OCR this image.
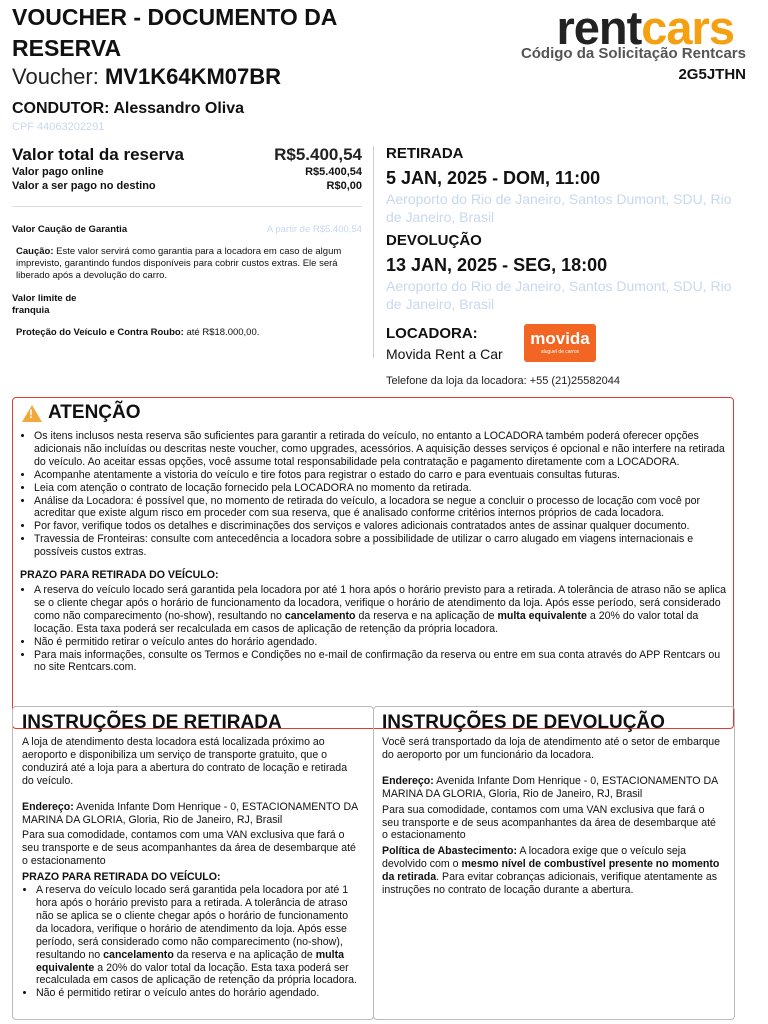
VOUCHER - DOCUMENTO DA RESERVA
Voucher: MV1K64KM07BR
rentcars
Código da Solicitação Rentcars
2G5JTHN
CONDUTOR: Alessandro Oliva
CPF 44063202291
Valor total da reserva	R$5.400,54
Valor pago online	R$5.400,54
Valor a ser pago no destino	R$0,00
Valor Caução de Garantia	A partir de R$5.400,54
Caução: Este valor servirá como garantia para a locadora em caso de algum imprevisto, garantindo fundos disponíveis para cobrir custos extras. Ele será liberado após a devolução do carro.
Valor limite de franquia
Proteção do Veículo e Contra Roubo: até R$18.000,00.
RETIRADA
5 JAN, 2025 - DOM, 11:00
Aeroporto do Rio de Janeiro, Santos Dumont, SDU, Rio de Janeiro, Brasil
DEVOLUÇÃO
13 JAN, 2025 - SEG, 18:00
Aeroporto do Rio de Janeiro, Santos Dumont, SDU, Rio de Janeiro, Brasil
LOCADORA:
Movida Rent a Car
movida
aluguel de carros
Telefone da loja da locadora: +55 (21)25582044
! ATENÇÃO
• Os itens inclusos nesta reserva são suficientes para garantir a retirada do veículo, no entanto a LOCADORA também poderá oferecer opções adicionais não incluídas ou descritas neste voucher, como upgrades, acessórios. A aquisição desses serviços é opcional e não interfere na retirada do veículo. Ao aceitar essas opções, você assume total responsabilidade pela contratação e pagamento diretamente com a LOCADORA.
• Acompanhe atentamente a vistoria do veículo e tire fotos para registrar o estado do carro e para eventuais consultas futuras.
• Leia com atenção o contrato de locação fornecido pela LOCADORA no momento da retirada.
• Análise da Locadora: é possível que, no momento de retirada do veículo, a locadora se negue a concluir o processo de locação com você por acreditar que existe algum risco em proceder com sua reserva, que é analisado conforme critérios internos próprios de cada locadora.
• Por favor, verifique todos os detalhes e discriminações dos serviços e valores adicionais contratados antes de assinar qualquer documento.
• Travessia de Fronteiras: consulte com antecedência a locadora sobre a possibilidade de utilizar o carro alugado em viagens internacionais e possíveis custos extras.
PRAZO PARA RETIRADA DO VEÍCULO:
• A reserva do veículo locado será garantida pela locadora por até 1 hora após o horário previsto para a retirada. A tolerância de atraso não se aplica se o cliente chegar após o horário de funcionamento da locadora, verifique o horário de atendimento da loja. Após esse período, será considerado como não comparecimento (no-show), resultando no cancelamento da reserva e na aplicação de multa equivalente a 20% do valor total da locação. Esta taxa poderá ser recalculada em casos de aplicação de retenção da própria locadora.
• Não é permitido retirar o veículo antes do horário agendado.
• Para mais informações, consulte os Termos e Condições no e-mail de confirmação da reserva ou entre em sua conta através do APP Rentcars ou no site Rentcars.com.
INSTRUÇÕES DE RETIRADA
A loja de atendimento desta locadora está localizada próximo ao aeroporto e disponibiliza um serviço de transporte gratuito, que o conduzirá até a loja para a abertura do contrato de locação e retirada do veículo.
Endereço: Avenida Infante Dom Henrique - 0, ESTACIONAMENTO DA MARINA DA GLORIA, Gloria, Rio de Janeiro, RJ, Brasil
Para sua comodidade, contamos com uma VAN exclusiva que fará o seu transporte e de seus acompanhantes da área de desembarque até o estacionamento
PRAZO PARA RETIRADA DO VEÍCULO:
• A reserva do veículo locado será garantida pela locadora por até 1 hora após o horário previsto para a retirada. A tolerância de atraso não se aplica se o cliente chegar após o horário de funcionamento da locadora, verifique o horário de atendimento da loja. Após esse período, será considerado como não comparecimento (no-show), resultando no cancelamento da reserva e na aplicação de multa equivalente a 20% do valor total da locação. Esta taxa poderá ser recalculada em casos de aplicação de retenção da própria locadora.
• Não é permitido retirar o veículo antes do horário agendado.
INSTRUÇÕES DE DEVOLUÇÃO
Você será transportado da loja de atendimento até o setor de embarque do aeroporto por um funcionário da locadora.
Endereço: Avenida Infante Dom Henrique - 0, ESTACIONAMENTO DA MARINA DA GLORIA, Gloria, Rio de Janeiro, RJ, Brasil
Para sua comodidade, contamos com uma VAN exclusiva que fará o seu transporte e de seus acompanhantes da área de desembarque até o estacionamento
Política de Abastecimento: A locadora exige que o veículo seja devolvido com o mesmo nível de combustível presente no momento da retirada. Para evitar cobranças adicionais, verifique atentamente as instruções no contrato de locação durante a abertura.
